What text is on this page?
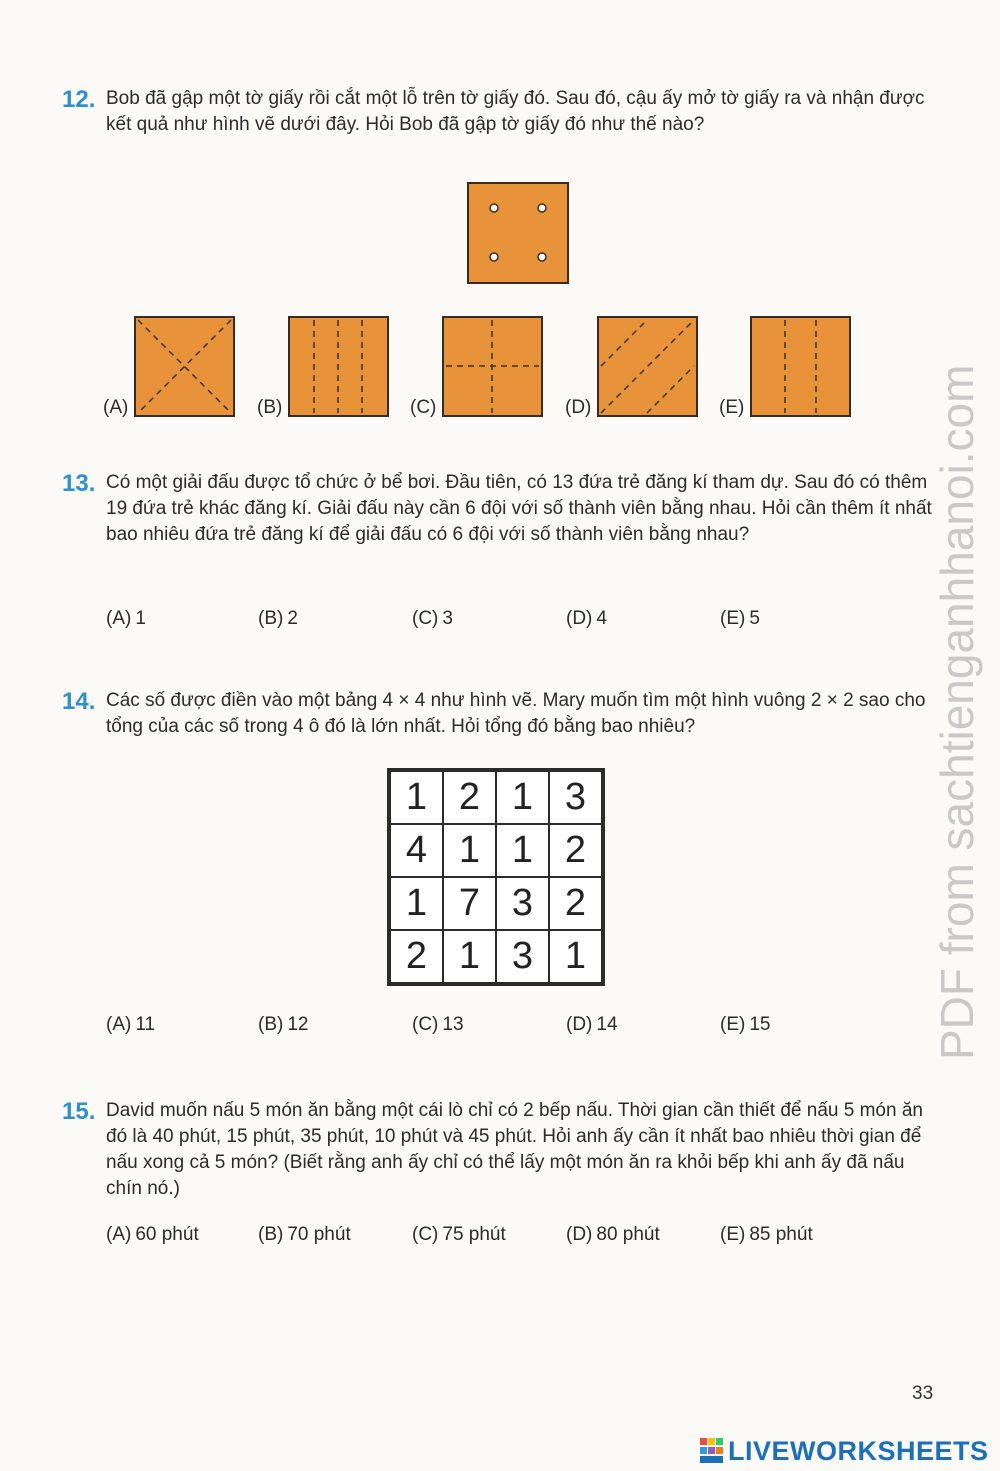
12. Bob đã gập một tờ giấy rồi cắt một lỗ trên tờ giấy đó. Sau đó, cậu ấy mở tờ giấy ra và nhận được kết quả như hình vẽ dưới đây. Hỏi Bob đã gập tờ giấy đó như thế nào?
(A)	(B)	(C)	(D)	(E)
13. Có một giải đấu được tổ chức ở bể bơi. Đầu tiên, có 13 đứa trẻ đăng kí tham dự. Sau đó có thêm 19 đứa trẻ khác đăng kí. Giải đấu này cần 6 đội với số thành viên bằng nhau. Hỏi cần thêm ít nhất bao nhiêu đứa trẻ đăng kí để giải đấu có 6 đội với số thành viên bằng nhau?
(A) 1	(B) 2	(C) 3	(D) 4	(E) 5
14. Các số được điền vào một bảng 4 × 4 như hình vẽ. Mary muốn tìm một hình vuông 2 × 2 sao cho tổng của các số trong 4 ô đó là lớn nhất. Hỏi tổng đó bằng bao nhiêu?
(A) 11	(B) 12	(C) 13	(D) 14	(E) 15
1 2 1 3
4 1 1 2
1 7 3 2
2 1 3 1
15. David muốn nấu 5 món ăn bằng một cái lò chỉ có 2 bếp nấu. Thời gian cần thiết để nấu 5 món ăn đó là 40 phút, 15 phút, 35 phút, 10 phút và 45 phút. Hỏi anh ấy cần ít nhất bao nhiêu thời gian để nấu xong cả 5 món? (Biết rằng anh ấy chỉ có thể lấy một món ăn ra khỏi bếp khi anh ấy đã nấu chín nó.)
(A) 60 phút	(B) 70 phút	(C) 75 phút	(D) 80 phút	(E) 85 phút
PDF from sachtienganhhanoi.com
33
LIVEWORKSHEETS
